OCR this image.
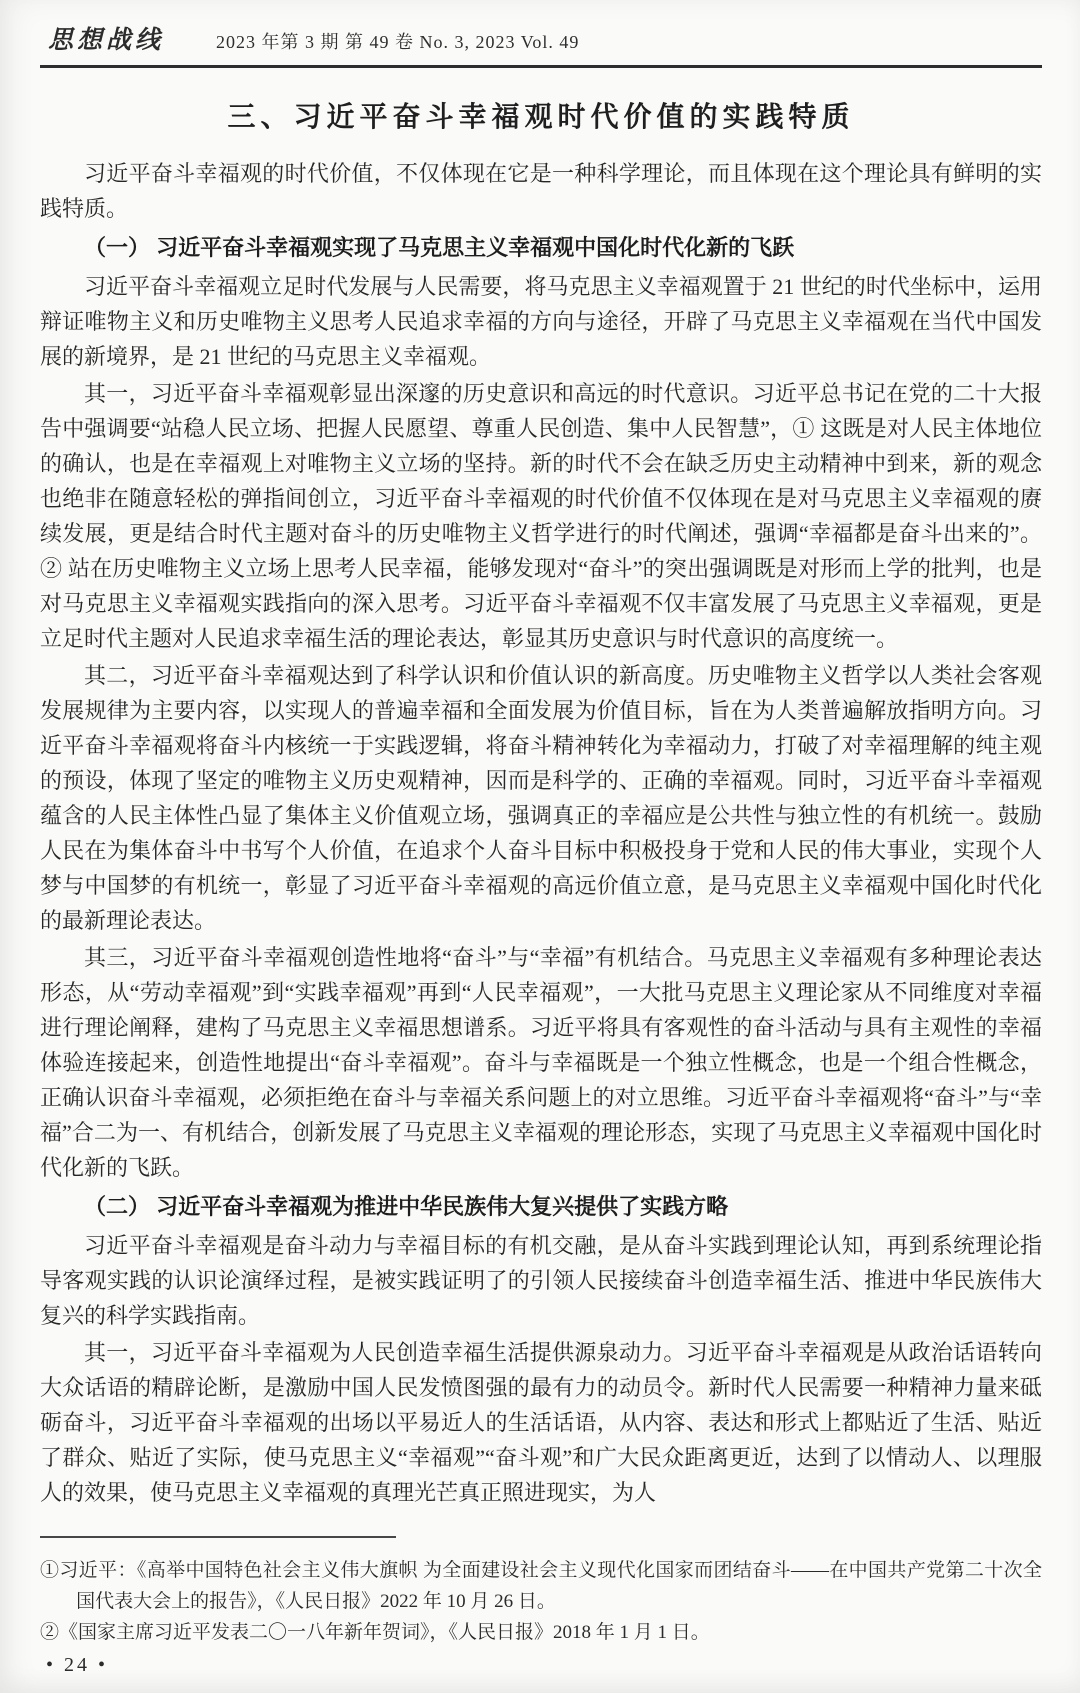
思想战线	2023 年第 3 期 第 49 卷 No. 3, 2023 Vol. 49
三、习近平奋斗幸福观时代价值的实践特质

习近平奋斗幸福观的时代价值，不仅体现在它是一种科学理论，而且体现在这个理论具有鲜明的实践特质。

（一） 习近平奋斗幸福观实现了马克思主义幸福观中国化时代化新的飞跃

习近平奋斗幸福观立足时代发展与人民需要，将马克思主义幸福观置于 21 世纪的时代坐标中，运用辩证唯物主义和历史唯物主义思考人民追求幸福的方向与途径，开辟了马克思主义幸福观在当代中国发展的新境界，是 21 世纪的马克思主义幸福观。

其一，习近平奋斗幸福观彰显出深邃的历史意识和高远的时代意识。习近平总书记在党的二十大报告中强调要“站稳人民立场、把握人民愿望、尊重人民创造、集中人民智慧”，① 这既是对人民主体地位的确认，也是在幸福观上对唯物主义立场的坚持。新的时代不会在缺乏历史主动精神中到来，新的观念也绝非在随意轻松的弹指间创立，习近平奋斗幸福观的时代价值不仅体现在是对马克思主义幸福观的赓续发展，更是结合时代主题对奋斗的历史唯物主义哲学进行的时代阐述，强调“幸福都是奋斗出来的”。② 站在历史唯物主义立场上思考人民幸福，能够发现对“奋斗”的突出强调既是对形而上学的批判，也是对马克思主义幸福观实践指向的深入思考。习近平奋斗幸福观不仅丰富发展了马克思主义幸福观，更是立足时代主题对人民追求幸福生活的理论表达，彰显其历史意识与时代意识的高度统一。

其二，习近平奋斗幸福观达到了科学认识和价值认识的新高度。历史唯物主义哲学以人类社会客观发展规律为主要内容，以实现人的普遍幸福和全面发展为价值目标，旨在为人类普遍解放指明方向。习近平奋斗幸福观将奋斗内核统一于实践逻辑，将奋斗精神转化为幸福动力，打破了对幸福理解的纯主观的预设，体现了坚定的唯物主义历史观精神，因而是科学的、正确的幸福观。同时，习近平奋斗幸福观蕴含的人民主体性凸显了集体主义价值观立场，强调真正的幸福应是公共性与独立性的有机统一。鼓励人民在为集体奋斗中书写个人价值，在追求个人奋斗目标中积极投身于党和人民的伟大事业，实现个人梦与中国梦的有机统一，彰显了习近平奋斗幸福观的高远价值立意，是马克思主义幸福观中国化时代化的最新理论表达。

其三，习近平奋斗幸福观创造性地将“奋斗”与“幸福”有机结合。马克思主义幸福观有多种理论表达形态，从“劳动幸福观”到“实践幸福观”再到“人民幸福观”，一大批马克思主义理论家从不同维度对幸福进行理论阐释，建构了马克思主义幸福思想谱系。习近平将具有客观性的奋斗活动与具有主观性的幸福体验连接起来，创造性地提出“奋斗幸福观”。奋斗与幸福既是一个独立性概念，也是一个组合性概念，正确认识奋斗幸福观，必须拒绝在奋斗与幸福关系问题上的对立思维。习近平奋斗幸福观将“奋斗”与“幸福”合二为一、有机结合，创新发展了马克思主义幸福观的理论形态，实现了马克思主义幸福观中国化时代化新的飞跃。

（二） 习近平奋斗幸福观为推进中华民族伟大复兴提供了实践方略

习近平奋斗幸福观是奋斗动力与幸福目标的有机交融，是从奋斗实践到理论认知，再到系统理论指导客观实践的认识论演绎过程，是被实践证明了的引领人民接续奋斗创造幸福生活、推进中华民族伟大复兴的科学实践指南。

其一，习近平奋斗幸福观为人民创造幸福生活提供源泉动力。习近平奋斗幸福观是从政治话语转向大众话语的精辟论断，是激励中国人民发愤图强的最有力的动员令。新时代人民需要一种精神力量来砥砺奋斗，习近平奋斗幸福观的出场以平易近人的生活话语，从内容、表达和形式上都贴近了生活、贴近了群众、贴近了实际，使马克思主义“幸福观”“奋斗观”和广大民众距离更近，达到了以情动人、以理服人的效果，使马克思主义幸福观的真理光芒真正照进现实，为人

①习近平：《高举中国特色社会主义伟大旗帜 为全面建设社会主义现代化国家而团结奋斗——在中国共产党第二十次全国代表大会上的报告》，《人民日报》2022 年 10 月 26 日。

②《国家主席习近平发表二〇一八年新年贺词》，《人民日报》2018 年 1 月 1 日。

• 24 •
